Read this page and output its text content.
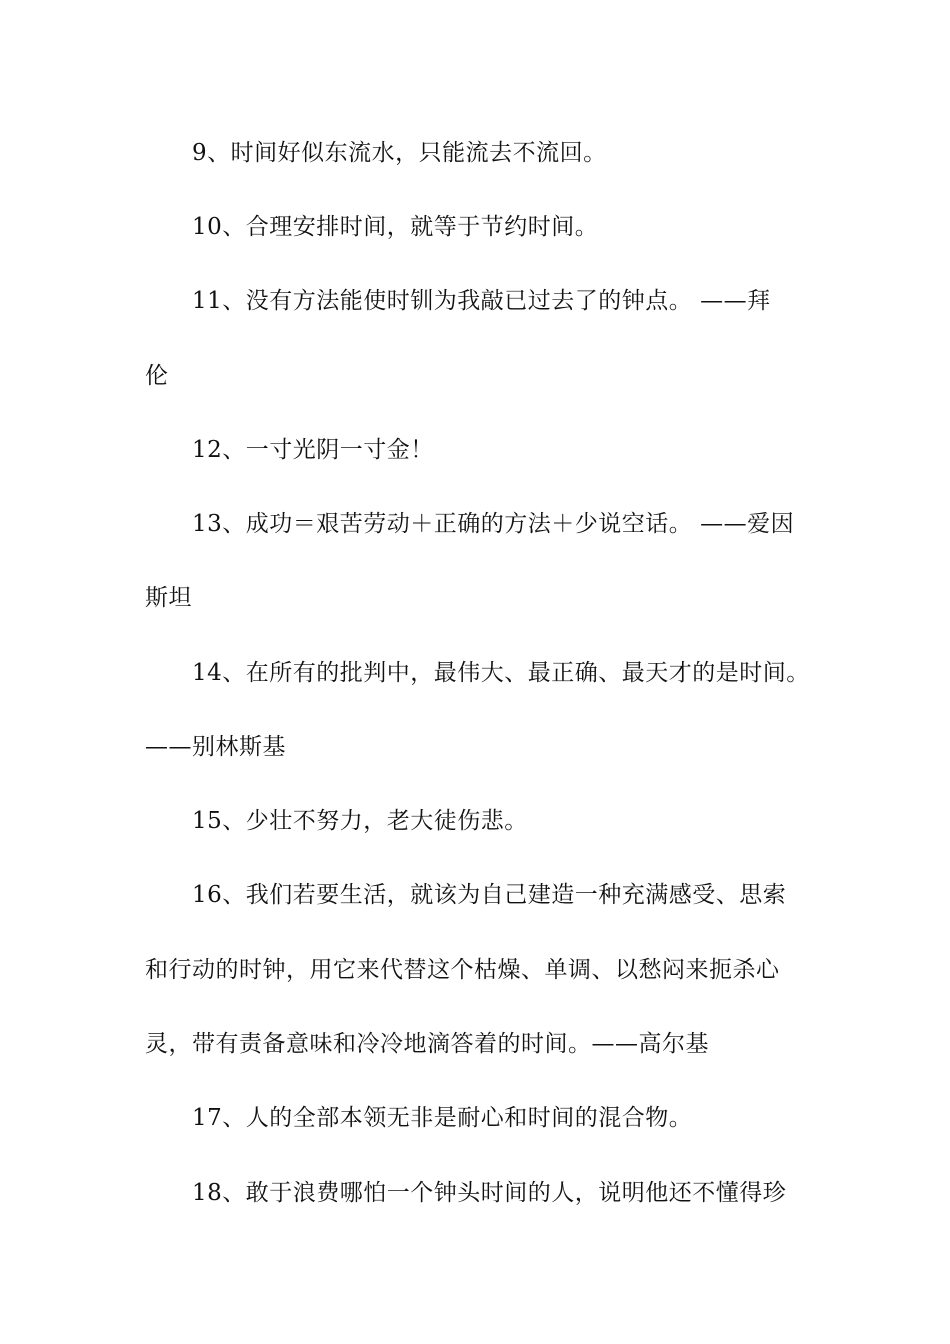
9、时间好似东流水，只能流去不流回。
10、合理安排时间，就等于节约时间。
11、没有方法能使时钏为我敲已过去了的钟点。 ——拜
伦
12、一寸光阴一寸金！
13、成功＝艰苦劳动＋正确的方法＋少说空话。 ——爱因
斯坦
14、在所有的批判中，最伟大、最正确、最天才的是时间。
——别林斯基
15、少壮不努力，老大徒伤悲。
16、我们若要生活，就该为自己建造一种充满感受、思索
和行动的时钟，用它来代替这个枯燥、单调、以愁闷来扼杀心
灵，带有责备意味和冷冷地滴答着的时间。——高尔基
17、人的全部本领无非是耐心和时间的混合物。
18、敢于浪费哪怕一个钟头时间的人，说明他还不懂得珍
